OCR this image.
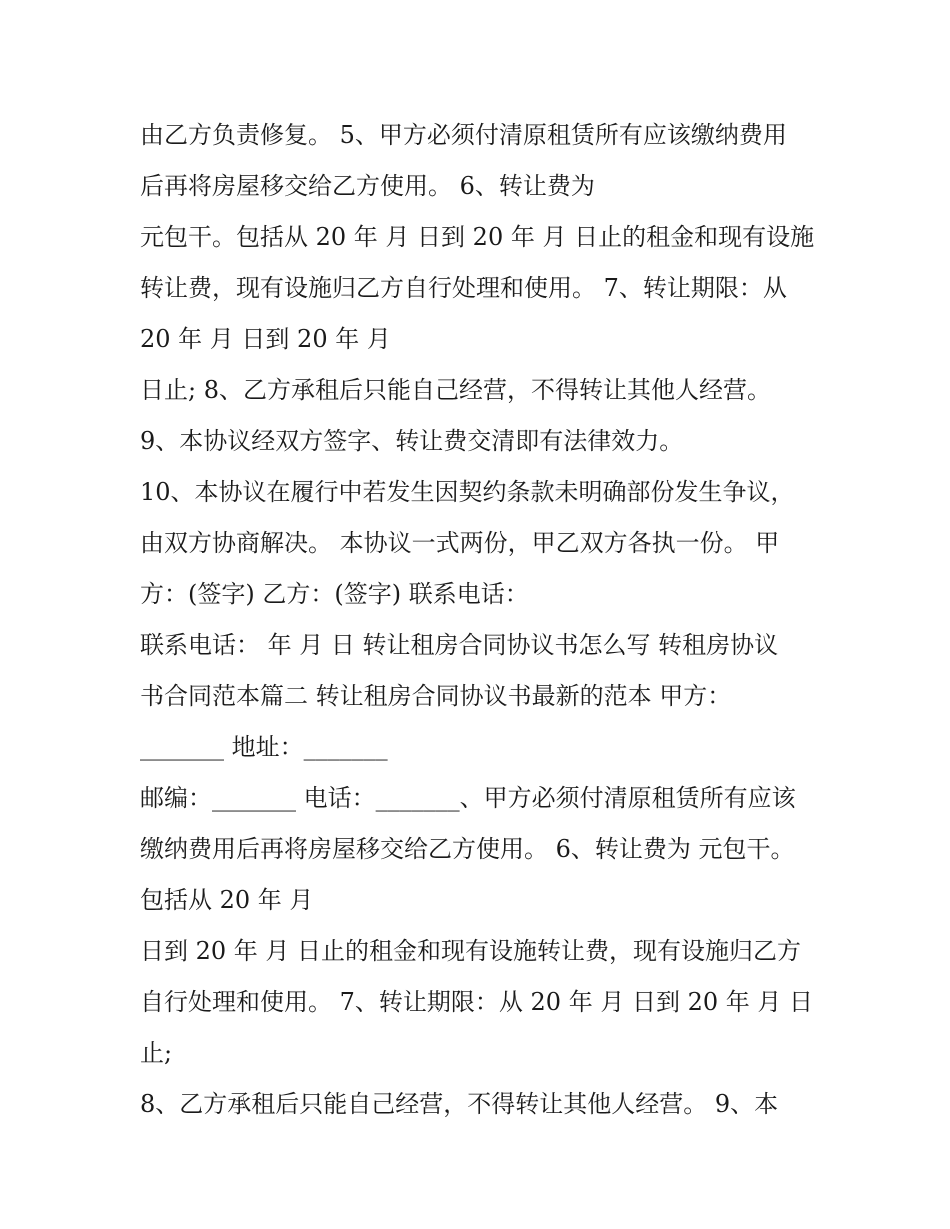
由乙方负责修复。 5、甲方必须付清原租赁所有应该缴纳费用
后再将房屋移交给乙方使用。 6、转让费为
元包干。包括从 20 年 月 日到 20 年 月 日止的租金和现有设施
转让费，现有设施归乙方自行处理和使用。 7、转让期限：从
20 年 月 日到 20 年 月
日止; 8、乙方承租后只能自己经营，不得转让其他人经营。
9、本协议经双方签字、转让费交清即有法律效力。
10、本协议在履行中若发生因契约条款未明确部份发生争议，
由双方协商解决。 本协议一式两份，甲乙双方各执一份。 甲
方：(签字) 乙方：(签字) 联系电话：
联系电话： 年 月 日 转让租房合同协议书怎么写 转租房协议
书合同范本篇二 转让租房合同协议书最新的范本 甲方：
_______ 地址：_______
邮编：_______ 电话：_______、甲方必须付清原租赁所有应该
缴纳费用后再将房屋移交给乙方使用。 6、转让费为 元包干。
包括从 20 年 月
日到 20 年 月 日止的租金和现有设施转让费，现有设施归乙方
自行处理和使用。 7、转让期限：从 20 年 月 日到 20 年 月 日
止;
8、乙方承租后只能自己经营，不得转让其他人经营。 9、本
